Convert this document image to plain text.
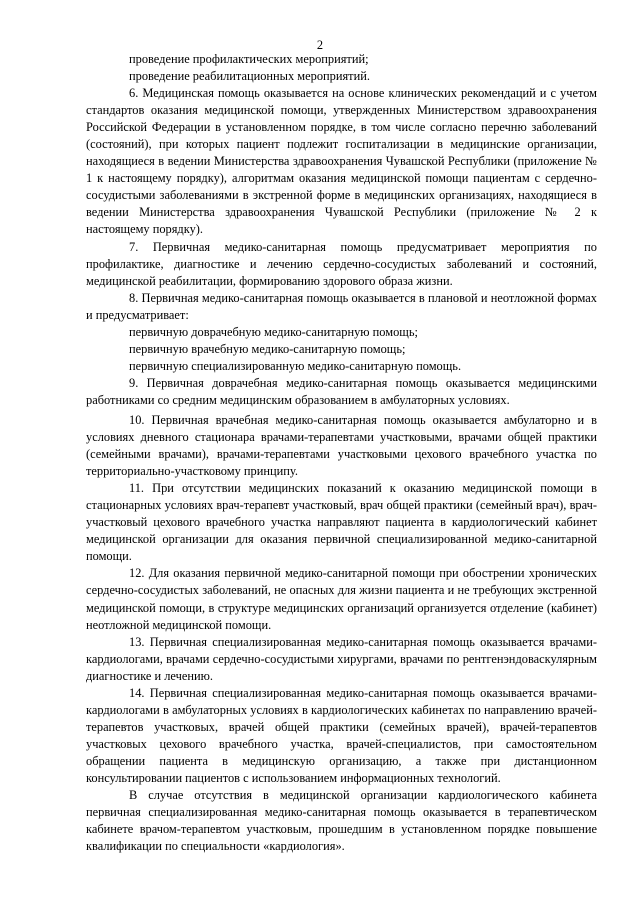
2

проведение профилактических мероприятий;

проведение реабилитационных мероприятий.

6. Медицинская помощь оказывается на основе клинических рекомендаций и с учетом стандартов оказания медицинской помощи, утвержденных Министерством здравоохранения Российской Федерации в установленном порядке, в том числе согласно перечню заболеваний (состояний), при которых пациент подлежит госпитализации в медицинские организации, находящиеся в ведении Министерства здравоохранения Чувашской Республики (приложение № 1 к настоящему порядку), алгоритмам оказания медицинской помощи пациентам с сердечно-сосудистыми заболеваниями в экстренной форме в медицинских организациях, находящиеся в ведении Министерства здравоохранения Чувашской Республики (приложение № 2 к настоящему порядку).

7. Первичная медико-санитарная помощь предусматривает мероприятия по профилактике, диагностике и лечению сердечно-сосудистых заболеваний и состояний, медицинской реабилитации, формированию здорового образа жизни.

8. Первичная медико-санитарная помощь оказывается в плановой и неотложной формах и предусматривает:

первичную доврачебную медико-санитарную помощь;

первичную врачебную медико-санитарную помощь;

первичную специализированную медико-санитарную помощь.

9. Первичная доврачебная медико-санитарная помощь оказывается медицинскими работниками со средним медицинским образованием в амбулаторных условиях.

10. Первичная врачебная медико-санитарная помощь оказывается амбулаторно и в условиях дневного стационара врачами-терапевтами участковыми, врачами общей практики (семейными врачами), врачами-терапевтами участковыми цехового врачебного участка по территориально-участковому принципу.

11. При отсутствии медицинских показаний к оказанию медицинской помощи в стационарных условиях врач-терапевт участковый, врач общей практики (семейный врач), врач-участковый цехового врачебного участка направляют пациента в кардиологический кабинет медицинской организации для оказания первичной специализированной медико-санитарной помощи.

12. Для оказания первичной медико-санитарной помощи при обострении хронических сердечно-сосудистых заболеваний, не опасных для жизни пациента и не требующих экстренной медицинской помощи, в структуре медицинских организаций организуется отделение (кабинет) неотложной медицинской помощи.

13. Первичная специализированная медико-санитарная помощь оказывается врачами-кардиологами, врачами сердечно-сосудистыми хирургами, врачами по рентгенэндоваскулярным диагностике и лечению.

14. Первичная специализированная медико-санитарная помощь оказывается врачами-кардиологами в амбулаторных условиях в кардиологических кабинетах по направлению врачей-терапевтов участковых, врачей общей практики (семейных врачей), врачей-терапевтов участковых цехового врачебного участка, врачей-специалистов, при самостоятельном обращении пациента в медицинскую организацию, а также при дистанционном консультировании пациентов с использованием информационных технологий.

В случае отсутствия в медицинской организации кардиологического кабинета первичная специализированная медико-санитарная помощь оказывается в терапевтическом кабинете врачом-терапевтом участковым, прошедшим в установленном порядке повышение квалификации по специальности «кардиология».
